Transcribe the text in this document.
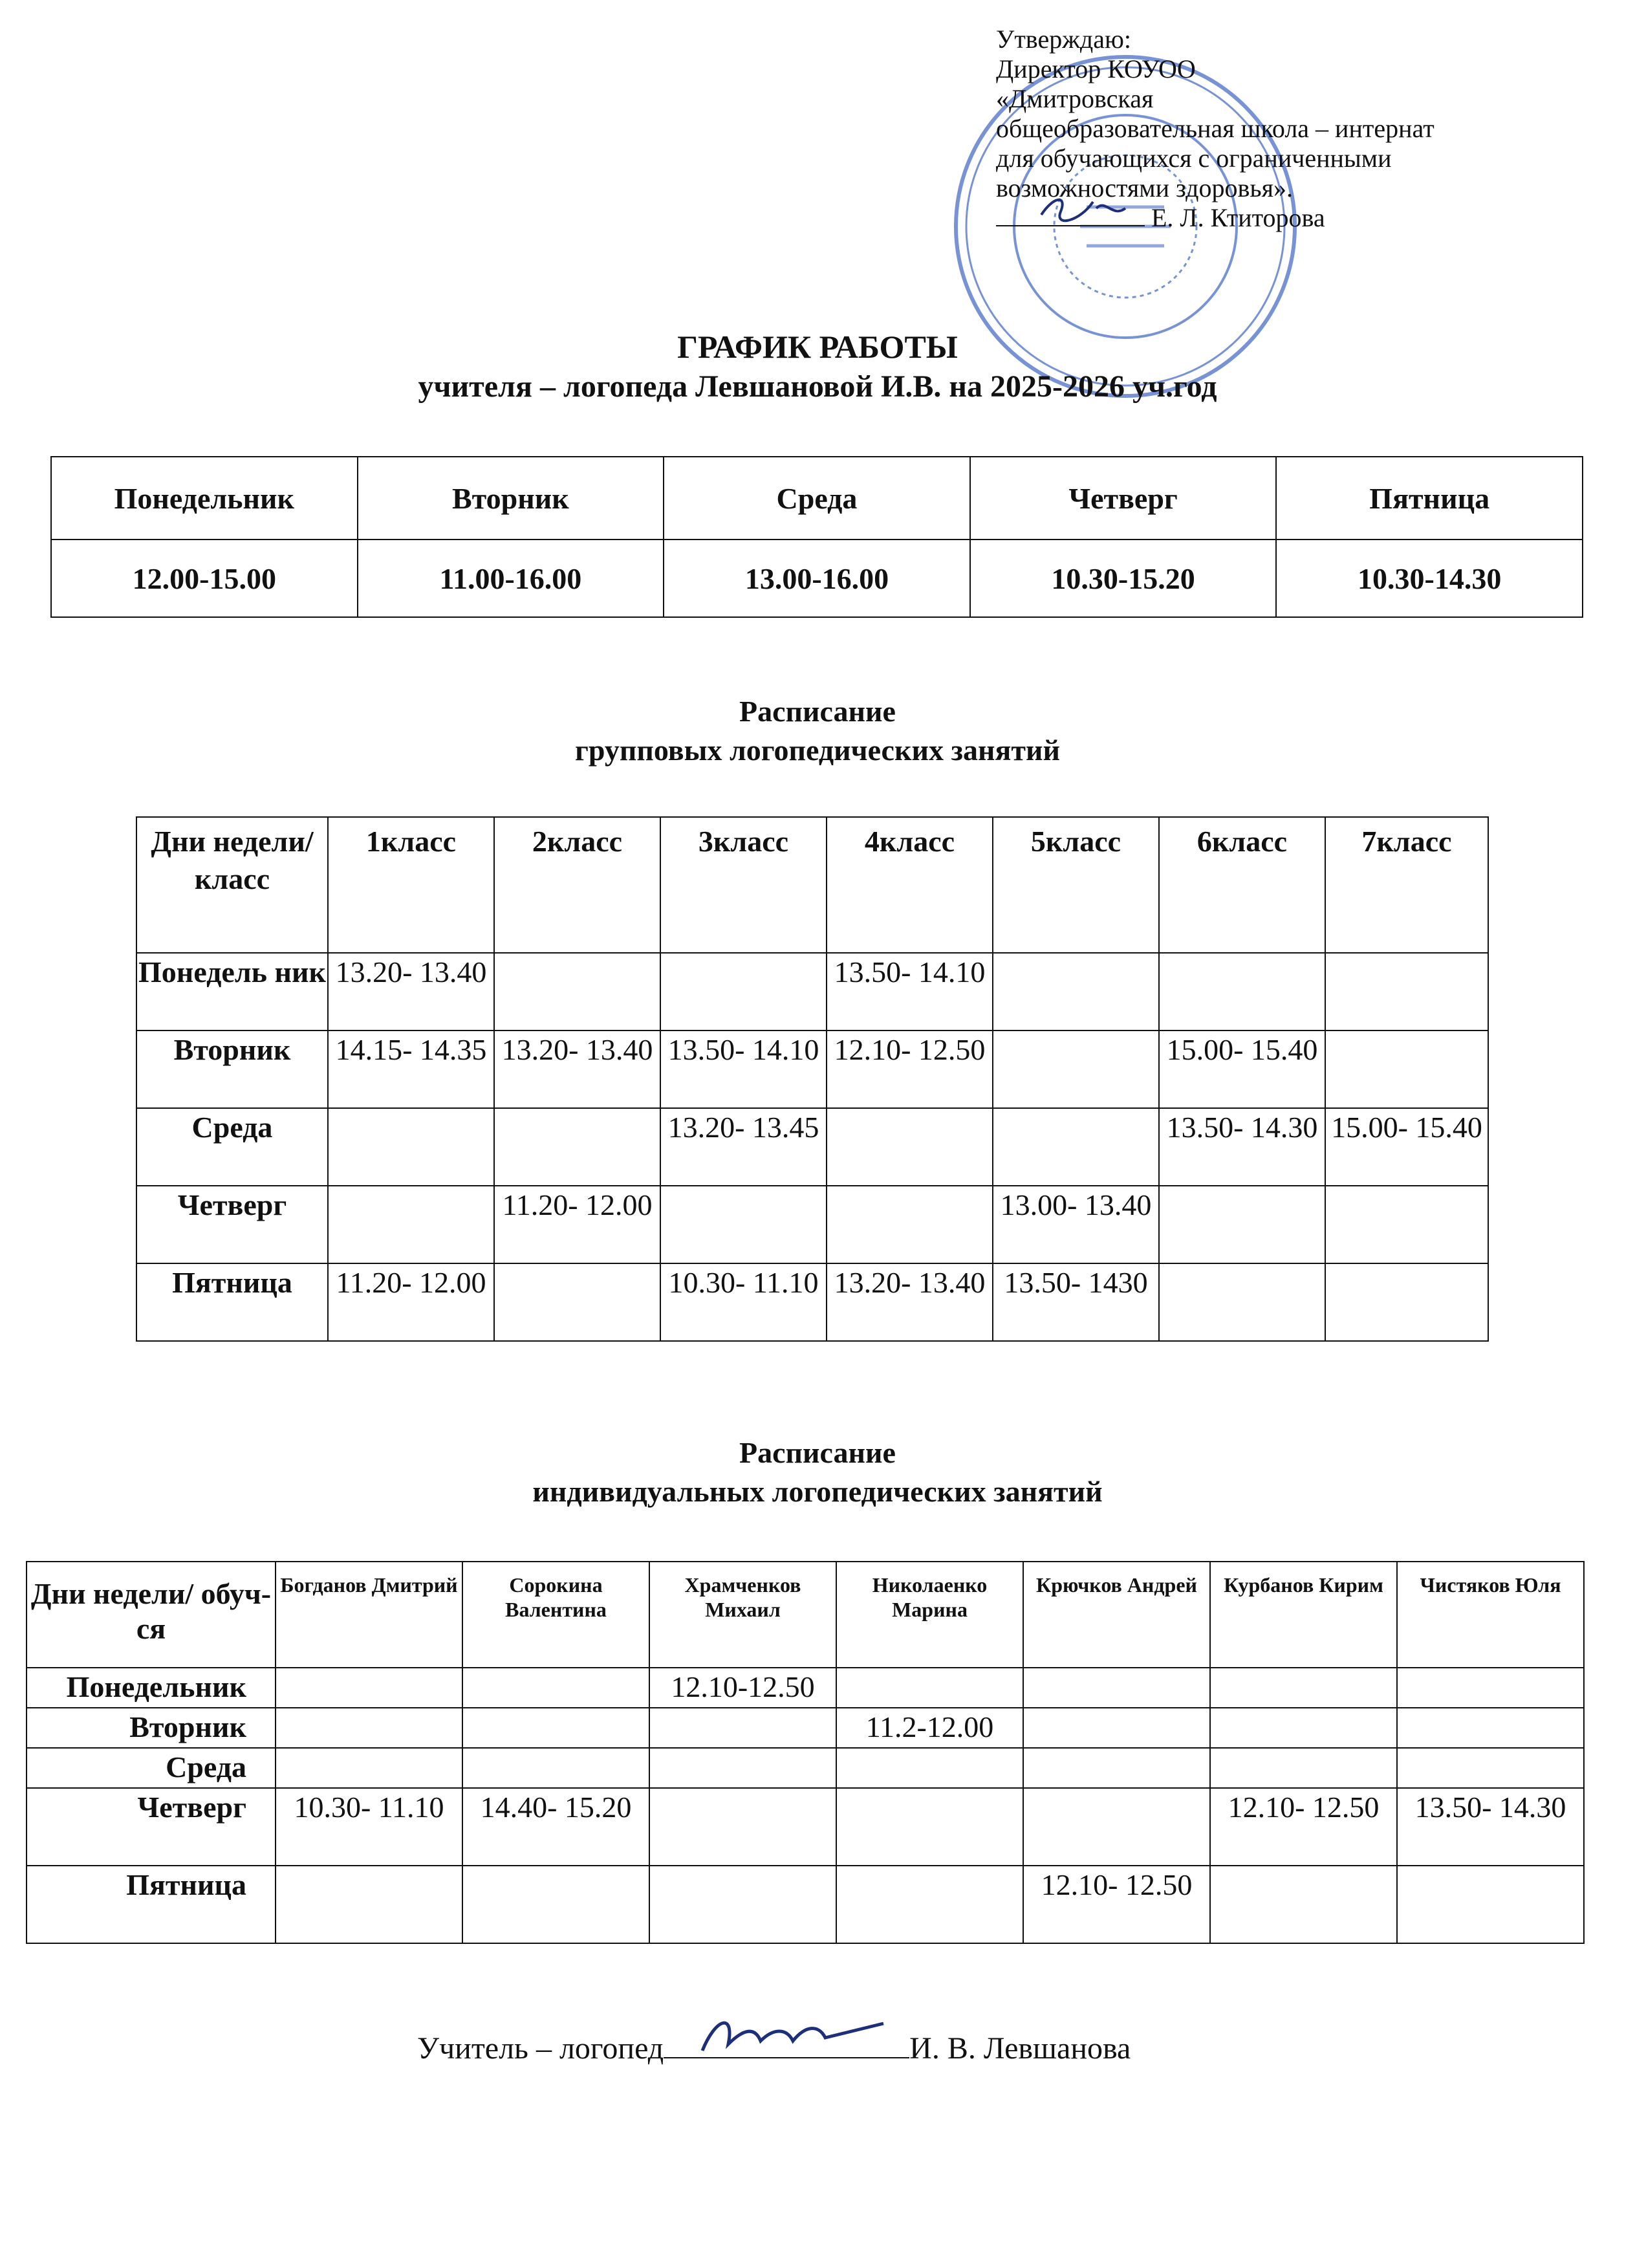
Утверждаю:
Директор КОУОО
«Дмитровская
общеобразовательная школа – интернат
для обучающихся с ограниченными
возможностями здоровья».
Е. Л. Ктиторова
ГРАФИК РАБОТЫ
учителя – логопеда Левшановой И.В. на 2025-2026 уч.год
Понедельник	Вторник	Среда	Четверг	Пятница
12.00-15.00	11.00-16.00	13.00-16.00	10.30-15.20	10.30-14.30
Расписание
групповых логопедических занятий
Дни недели/ класс	1класс	2класс	3класс	4класс	5класс	6класс	7класс
Понедель ник	13.20- 13.40			13.50- 14.10			
Вторник	14.15- 14.35	13.20- 13.40	13.50- 14.10	12.10- 12.50		15.00- 15.40	
Среда			13.20- 13.45			13.50- 14.30	15.00- 15.40
Четверг		11.20- 12.00			13.00- 13.40		
Пятница	11.20- 12.00		10.30- 11.10	13.20- 13.40	13.50- 1430		
Расписание
индивидуальных логопедических занятий
Дни недели/ обуч-ся	Богданов Дмитрий	Сорокина Валентина	Храмченков Михаил	Николаенко Марина	Крючков Андрей	Курбанов Кирим	Чистяков Юля
Понедельник			12.10-12.50				
Вторник				11.2-12.00			
Среда							
Четверг	10.30- 11.10	14.40- 15.20				12.10- 12.50	13.50- 14.30
Пятница					12.10- 12.50		
Учитель – логопед	И. В. Левшанова
